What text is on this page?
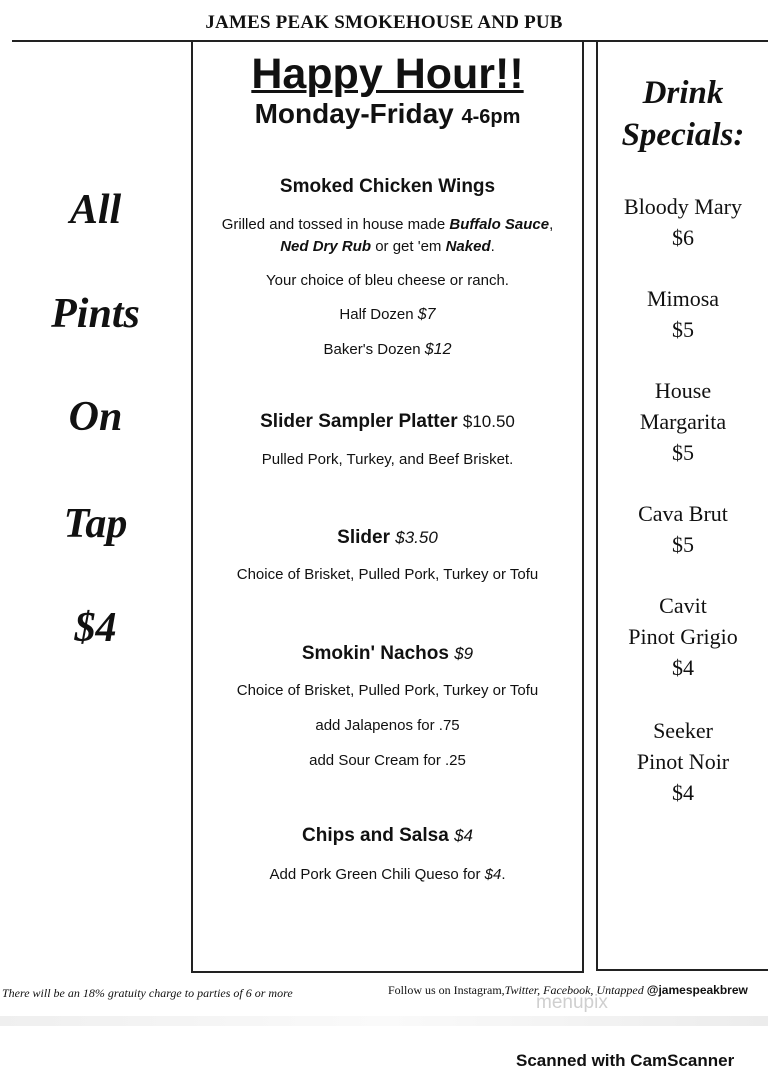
JAMES PEAK SMOKEHOUSE AND PUB
All
Pints
On
Tap
$4
Happy Hour!!
Monday-Friday 4-6pm
Smoked Chicken Wings
Grilled and tossed in house made Buffalo Sauce,
Ned Dry Rub or get 'em Naked.
Your choice of bleu cheese or ranch.
Half Dozen $7
Baker's Dozen $12
Slider Sampler Platter $10.50
Pulled Pork, Turkey, and Beef Brisket.
Slider $3.50
Choice of Brisket, Pulled Pork, Turkey or Tofu
Smokin' Nachos $9
Choice of Brisket, Pulled Pork, Turkey or Tofu
add Jalapenos for .75
add Sour Cream for .25
Chips and Salsa $4
Add Pork Green Chili Queso for $4.
Drink
Specials:
Bloody Mary
$6
Mimosa
$5
House
Margarita
$5
Cava Brut
$5
Cavit
Pinot Grigio
$4
Seeker
Pinot Noir
$4
There will be an 18% gratuity charge to parties of 6 or more	Follow us on Instagram,Twitter, Facebook, Untapped @jamespeakbrew
menupix
Scanned with CamScanner
